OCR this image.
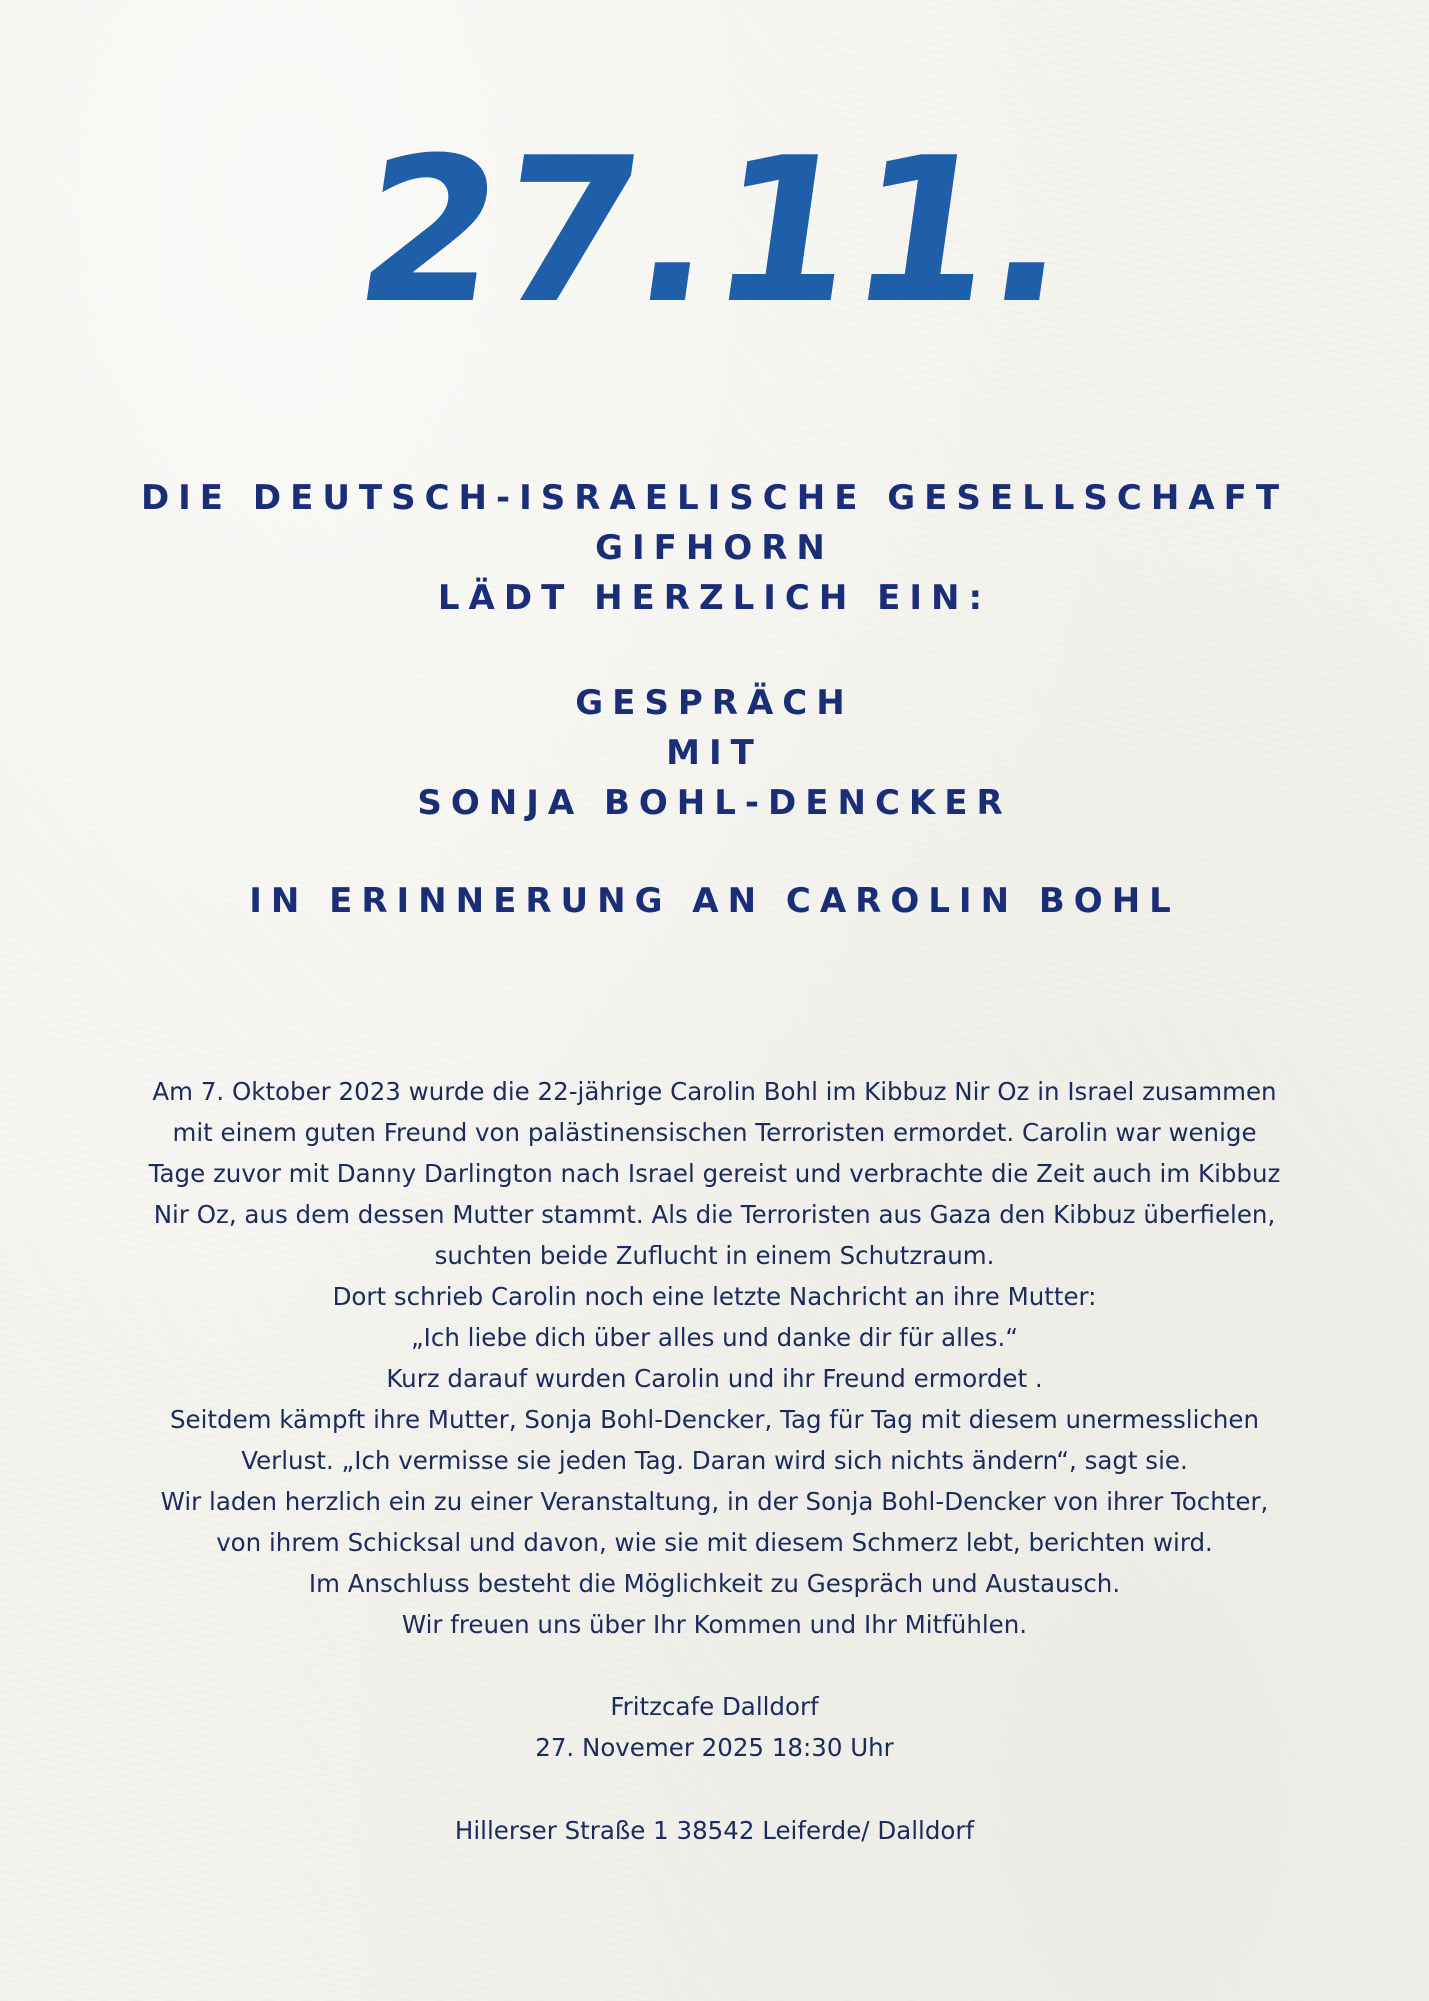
27.11.
DIE DEUTSCH-ISRAELISCHE GESELLSCHAFT
GIFHORN
LÄDT HERZLICH EIN:
GESPRÄCH
MIT
SONJA BOHL-DENCKER
IN ERINNERUNG AN CAROLIN BOHL
Am 7. Oktober 2023 wurde die 22-jährige Carolin Bohl im Kibbuz Nir Oz in Israel zusammen
mit einem guten Freund von palästinensischen Terroristen ermordet. Carolin war wenige
Tage zuvor mit Danny Darlington nach Israel gereist und verbrachte die Zeit auch im Kibbuz
Nir Oz, aus dem dessen Mutter stammt. Als die Terroristen aus Gaza den Kibbuz überfielen,
suchten beide Zuflucht in einem Schutzraum.
Dort schrieb Carolin noch eine letzte Nachricht an ihre Mutter:
„Ich liebe dich über alles und danke dir für alles.“
Kurz darauf wurden Carolin und ihr Freund ermordet .
Seitdem kämpft ihre Mutter, Sonja Bohl-Dencker, Tag für Tag mit diesem unermesslichen
Verlust. „Ich vermisse sie jeden Tag. Daran wird sich nichts ändern“, sagt sie.
Wir laden herzlich ein zu einer Veranstaltung, in der Sonja Bohl-Dencker von ihrer Tochter,
von ihrem Schicksal und davon, wie sie mit diesem Schmerz lebt, berichten wird.
Im Anschluss besteht die Möglichkeit zu Gespräch und Austausch.
Wir freuen uns über Ihr Kommen und Ihr Mitfühlen.
Fritzcafe Dalldorf
27. Novemer 2025 18:30 Uhr
Hillerser Straße 1 38542 Leiferde/ Dalldorf
